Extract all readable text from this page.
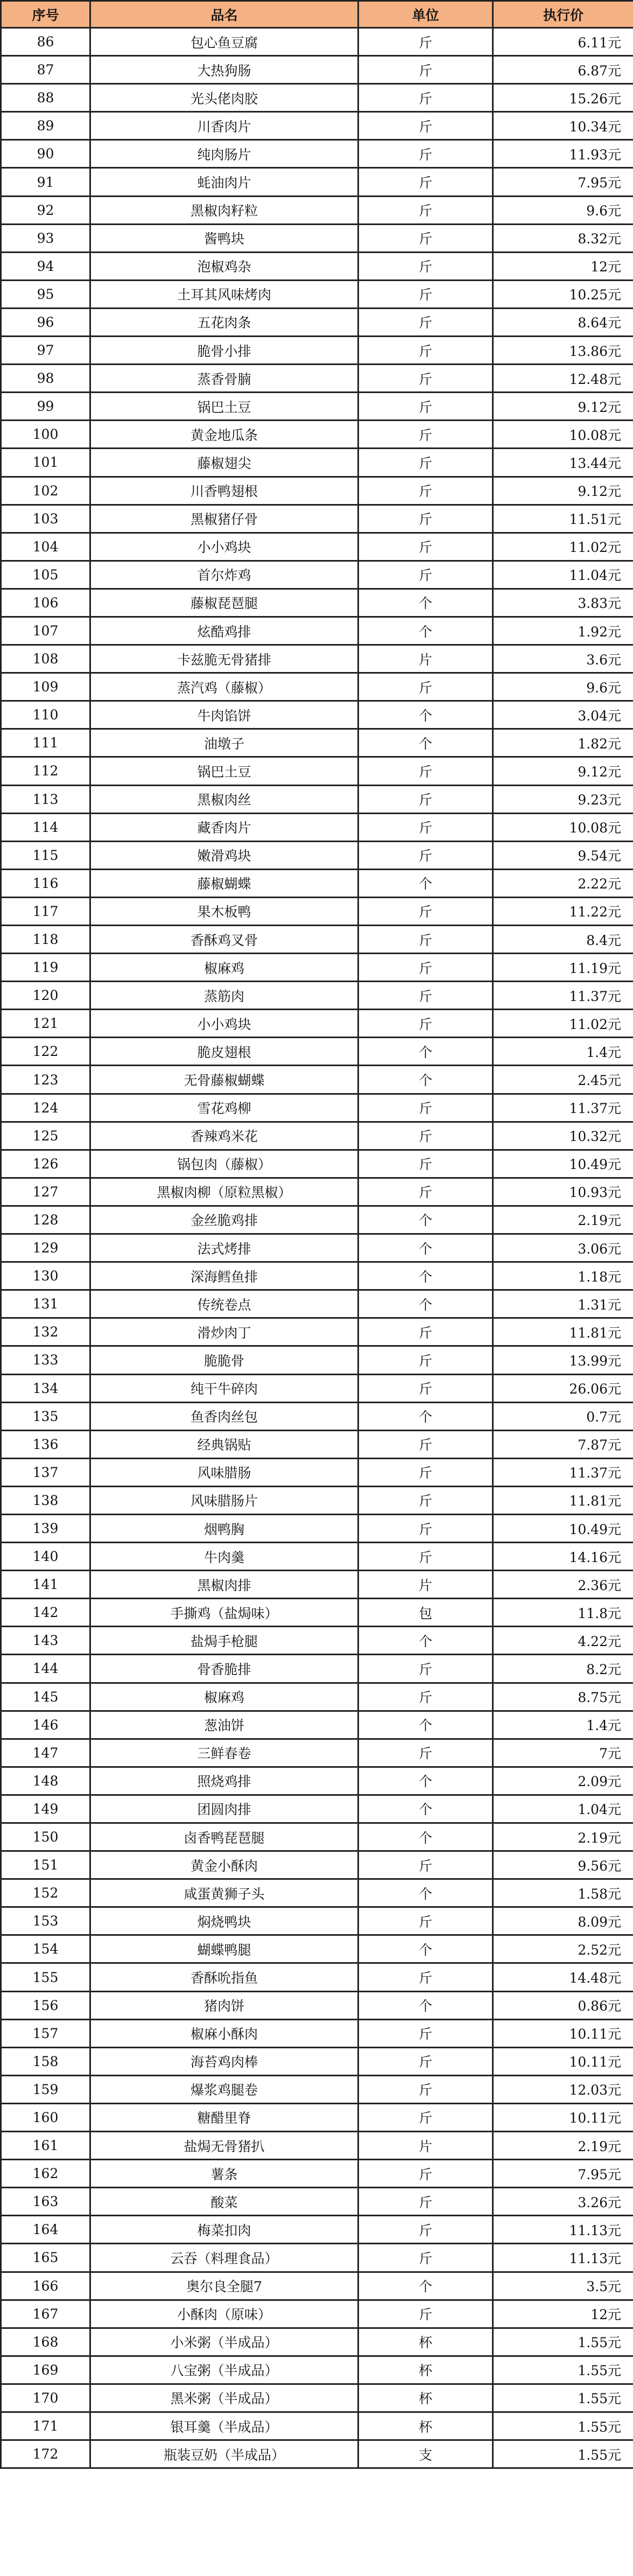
序号	品名	单位	执行价
86	包心鱼豆腐	斤	6.11元
87	大热狗肠	斤	6.87元
88	光头佬肉胶	斤	15.26元
89	川香肉片	斤	10.34元
90	纯肉肠片	斤	11.93元
91	蚝油肉片	斤	7.95元
92	黑椒肉籽粒	斤	9.6元
93	酱鸭块	斤	8.32元
94	泡椒鸡杂	斤	12元
95	土耳其风味烤肉	斤	10.25元
96	五花肉条	斤	8.64元
97	脆骨小排	斤	13.86元
98	蒸香骨腩	斤	12.48元
99	锅巴土豆	斤	9.12元
100	黄金地瓜条	斤	10.08元
101	藤椒翅尖	斤	13.44元
102	川香鸭翅根	斤	9.12元
103	黑椒猪仔骨	斤	11.51元
104	小小鸡块	斤	11.02元
105	首尔炸鸡	斤	11.04元
106	藤椒琵琶腿	个	3.83元
107	炫酷鸡排	个	1.92元
108	卡兹脆无骨猪排	片	3.6元
109	蒸汽鸡（藤椒）	斤	9.6元
110	牛肉馅饼	个	3.04元
111	油墩子	个	1.82元
112	锅巴土豆	斤	9.12元
113	黑椒肉丝	斤	9.23元
114	藏香肉片	斤	10.08元
115	嫩滑鸡块	斤	9.54元
116	藤椒蝴蝶	个	2.22元
117	果木板鸭	斤	11.22元
118	香酥鸡叉骨	斤	8.4元
119	椒麻鸡	斤	11.19元
120	蒸筋肉	斤	11.37元
121	小小鸡块	斤	11.02元
122	脆皮翅根	个	1.4元
123	无骨藤椒蝴蝶	个	2.45元
124	雪花鸡柳	斤	11.37元
125	香辣鸡米花	斤	10.32元
126	锅包肉（藤椒）	斤	10.49元
127	黑椒肉柳（原粒黑椒）	斤	10.93元
128	金丝脆鸡排	个	2.19元
129	法式烤排	个	3.06元
130	深海鳕鱼排	个	1.18元
131	传统卷点	个	1.31元
132	滑炒肉丁	斤	11.81元
133	脆脆骨	斤	13.99元
134	纯干牛碎肉	斤	26.06元
135	鱼香肉丝包	个	0.7元
136	经典锅贴	斤	7.87元
137	风味腊肠	斤	11.37元
138	风味腊肠片	斤	11.81元
139	烟鸭胸	斤	10.49元
140	牛肉羹	斤	14.16元
141	黑椒肉排	片	2.36元
142	手撕鸡（盐焗味）	包	11.8元
143	盐焗手枪腿	个	4.22元
144	骨香脆排	斤	8.2元
145	椒麻鸡	斤	8.75元
146	葱油饼	个	1.4元
147	三鲜春卷	斤	7元
148	照烧鸡排	个	2.09元
149	团圆肉排	个	1.04元
150	卤香鸭琵琶腿	个	2.19元
151	黄金小酥肉	斤	9.56元
152	咸蛋黄狮子头	个	1.58元
153	焖烧鸭块	斤	8.09元
154	蝴蝶鸭腿	个	2.52元
155	香酥吮指鱼	斤	14.48元
156	猪肉饼	个	0.86元
157	椒麻小酥肉	斤	10.11元
158	海苔鸡肉棒	斤	10.11元
159	爆浆鸡腿卷	斤	12.03元
160	糖醋里脊	斤	10.11元
161	盐焗无骨猪扒	片	2.19元
162	薯条	斤	7.95元
163	酸菜	斤	3.26元
164	梅菜扣肉	斤	11.13元
165	云吞（料理食品）	斤	11.13元
166	奥尔良全腿7	个	3.5元
167	小酥肉（原味）	斤	12元
168	小米粥（半成品）	杯	1.55元
169	八宝粥（半成品）	杯	1.55元
170	黑米粥（半成品）	杯	1.55元
171	银耳羹（半成品）	杯	1.55元
172	瓶装豆奶（半成品）	支	1.55元
